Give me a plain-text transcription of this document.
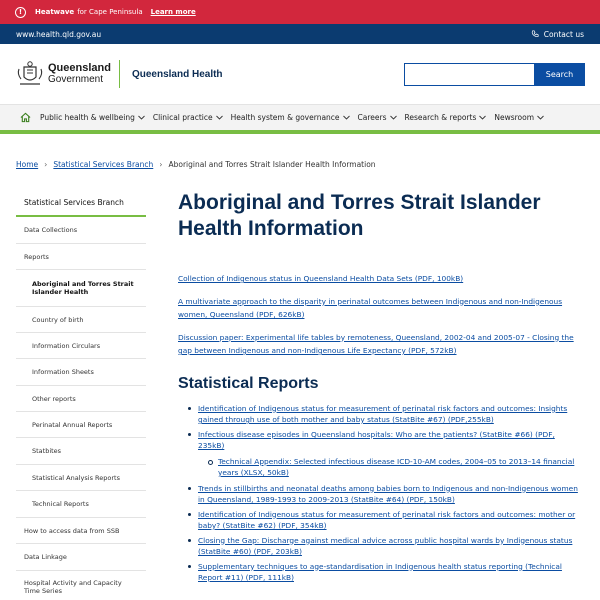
!	Heatwave for Cape Peninsula Learn more
www.health.qld.gov.au	Contact us
Queensland
Government	Queensland Health	Search
Public health & wellbeing Clinical practice Health system & governance Careers Research & reports Newsroom
Home › Statistical Services Branch › Aboriginal and Torres Strait Islander Health Information
Statistical Services Branch
Data Collections
Reports
Aboriginal and Torres Strait Islander Health
Country of birth
Information Circulars
Information Sheets
Other reports
Perinatal Annual Reports
Statbites
Statistical Analysis Reports
Technical Reports
How to access data from SSB
Data Linkage
Hospital Activity and Capacity Time Series
Aboriginal and Torres Strait Islander Health Information
Collection of Indigenous status in Queensland Health Data Sets (PDF, 100kB)
A multivariate approach to the disparity in perinatal outcomes between Indigenous and non-Indigenous women, Queensland (PDF, 626kB)
Discussion paper: Experimental life tables by remoteness, Queensland, 2002-04 and 2005-07 - Closing the gap between Indigenous and non-Indigenous Life Expectancy (PDF, 572kB)
Statistical Reports
Identification of Indigenous status for measurement of perinatal risk factors and outcomes: Insights gained through use of both mother and baby status (StatBite #67) (PDF,255kB)
Infectious disease episodes in Queensland hospitals: Who are the patients? (StatBite #66) (PDF, 235kB)
Technical Appendix: Selected infectious disease ICD-10-AM codes, 2004–05 to 2013–14 financial years (XLSX, 50kB)
Trends in stillbirths and neonatal deaths among babies born to Indigenous and non-Indigenous women in Queensland, 1989-1993 to 2009-2013 (StatBite #64) (PDF, 150kB)
Identification of Indigenous status for measurement of perinatal risk factors and outcomes: mother or baby? (StatBite #62) (PDF, 354kB)
Closing the Gap: Discharge against medical advice across public hospital wards by Indigenous status (StatBite #60) (PDF, 203kB)
Supplementary techniques to age-standardisation in Indigenous health status reporting (Technical Report #11) (PDF, 111kB)
